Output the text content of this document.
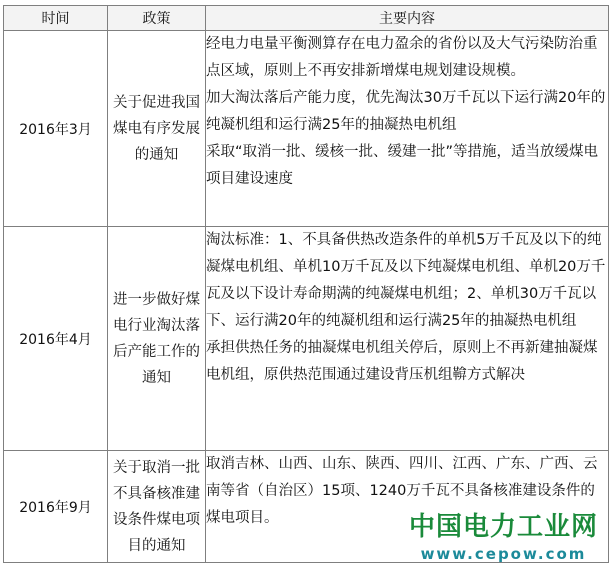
时间	政策	主要内容
2016年3月	关于促进我国煤电有序发展的通知	经电力电量平衡测算存在电力盈余的省份以及大气污染防治重点区域，原则上不再安排新增煤电规划建设规模。
加大淘汰落后产能力度，优先淘汰30万千瓦以下运行满20年的纯凝机组和运行满25年的抽凝热电机组
采取“取消一批、缓核一批、缓建一批”等措施，适当放缓煤电项目建设速度

2016年4月	进一步做好煤电行业淘汰落后产能工作的通知	淘汰标准：1、不具备供热改造条件的单机5万千瓦及以下的纯凝煤电机组、单机10万千瓦及以下纯凝煤电机组、单机20万千瓦及以下设计寿命期满的纯凝煤电机组；2、单机30万千瓦以下、运行满20年的纯凝机组和运行满25年的抽凝热电机组
承担供热任务的抽凝煤电机组关停后，原则上不再新建抽凝煤电机组，原供热范围通过建设背压机组鞥方式解决

2016年9月	关于取消一批不具备核准建设条件煤电项目的通知	取消吉林、山西、山东、陕西、四川、江西、广东、广西、云南等省（自治区）15项、1240万千瓦不具备核准建设条件的煤电项目。	中国电力工业网
www.cepow.com
